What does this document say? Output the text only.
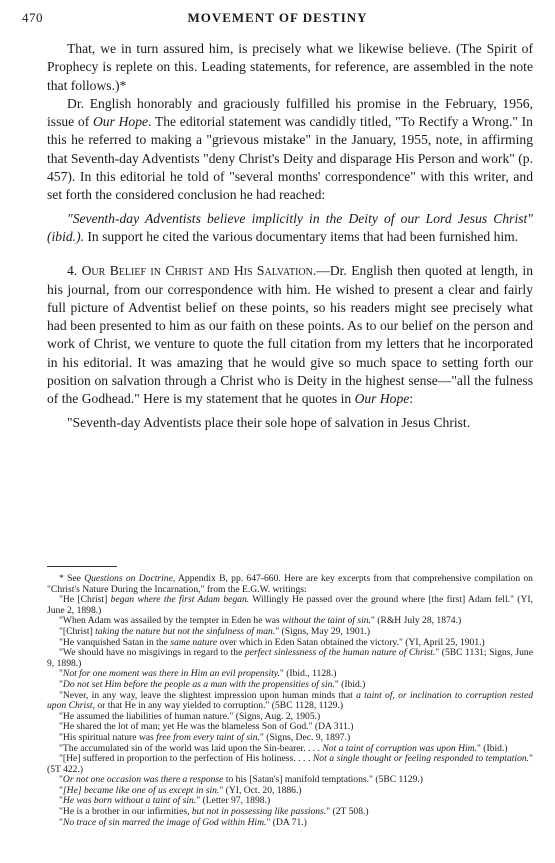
470	MOVEMENT OF DESTINY

That, we in turn assured him, is precisely what we likewise believe. (The Spirit of Prophecy is replete on this. Leading statements, for reference, are assembled in the note that follows.)*

Dr. English honorably and graciously fulfilled his promise in the February, 1956, issue of Our Hope. The editorial statement was candidly titled, "To Rectify a Wrong." In this he referred to making a "grievous mistake" in the January, 1955, note, in affirming that Seventh-day Adventists "deny Christ's Deity and disparage His Person and work" (p. 457). In this editorial he told of "several months' correspondence" with this writer, and set forth the considered conclusion he had reached:

"Seventh-day Adventists believe implicitly in the Deity of our Lord Jesus Christ" (ibid.). In support he cited the various documentary items that had been furnished him.

4. Our Belief in Christ and His Salvation.—Dr. English then quoted at length, in his journal, from our correspondence with him. He wished to present a clear and fairly full picture of Adventist belief on these points, so his readers might see precisely what had been presented to him as our faith on these points. As to our belief on the person and work of Christ, we venture to quote the full citation from my letters that he incorporated in his editorial. It was amazing that he would give so much space to setting forth our position on salvation through a Christ who is Deity in the highest sense—"all the fulness of the Godhead." Here is my statement that he quotes in Our Hope:

"Seventh-day Adventists place their sole hope of salvation in Jesus Christ.

* See Questions on Doctrine, Appendix B, pp. 647-660. Here are key excerpts from that comprehensive compilation on "Christ's Nature During the Incarnation," from the E.G.W. writings:
"He [Christ] began where the first Adam began. Willingly He passed over the ground where [the first] Adam fell." (YI, June 2, 1898.)
"When Adam was assailed by the tempter in Eden he was without the taint of sin." (R&H July 28, 1874.)
"[Christ] taking the nature but not the sinfulness of man." (Signs, May 29, 1901.)
"He vanquished Satan in the same nature over which in Eden Satan obtained the victory." (YI, April 25, 1901.)
"We should have no misgivings in regard to the perfect sinlessness of the human nature of Christ." (5BC 1131; Signs, June 9, 1898.)
"Not for one moment was there in Him an evil propensity." (Ibid., 1128.)
"Do not set Him before the people as a man with the propensities of sin." (Ibid.)
"Never, in any way, leave the slightest impression upon human minds that a taint of, or inclination to corruption rested upon Christ, or that He in any way yielded to corruption." (5BC 1128, 1129.)
"He assumed the liabilities of human nature." (Signs, Aug. 2, 1905.)
"He shared the lot of man; yet He was the blameless Son of God." (DA 311.)
"His spiritual nature was free from every taint of sin." (Signs, Dec. 9, 1897.)
"The accumulated sin of the world was laid upon the Sin-bearer. . . . Not a taint of corruption was upon Him." (Ibid.)
"[He] suffered in proportion to the perfection of His holiness. . . . Not a single thought or feeling responded to temptation." (5T 422.)
"Or not one occasion was there a response to his [Satan's] manifold temptations." (5BC 1129.)
"[He] became like one of us except in sin." (YI, Oct. 20, 1886.)
"He was born without a taint of sin." (Letter 97, 1898.)
"He is a brother in our infirmities, but not in possessing like passions." (2T 508.)
"No trace of sin marred the image of God within Him." (DA 71.)
